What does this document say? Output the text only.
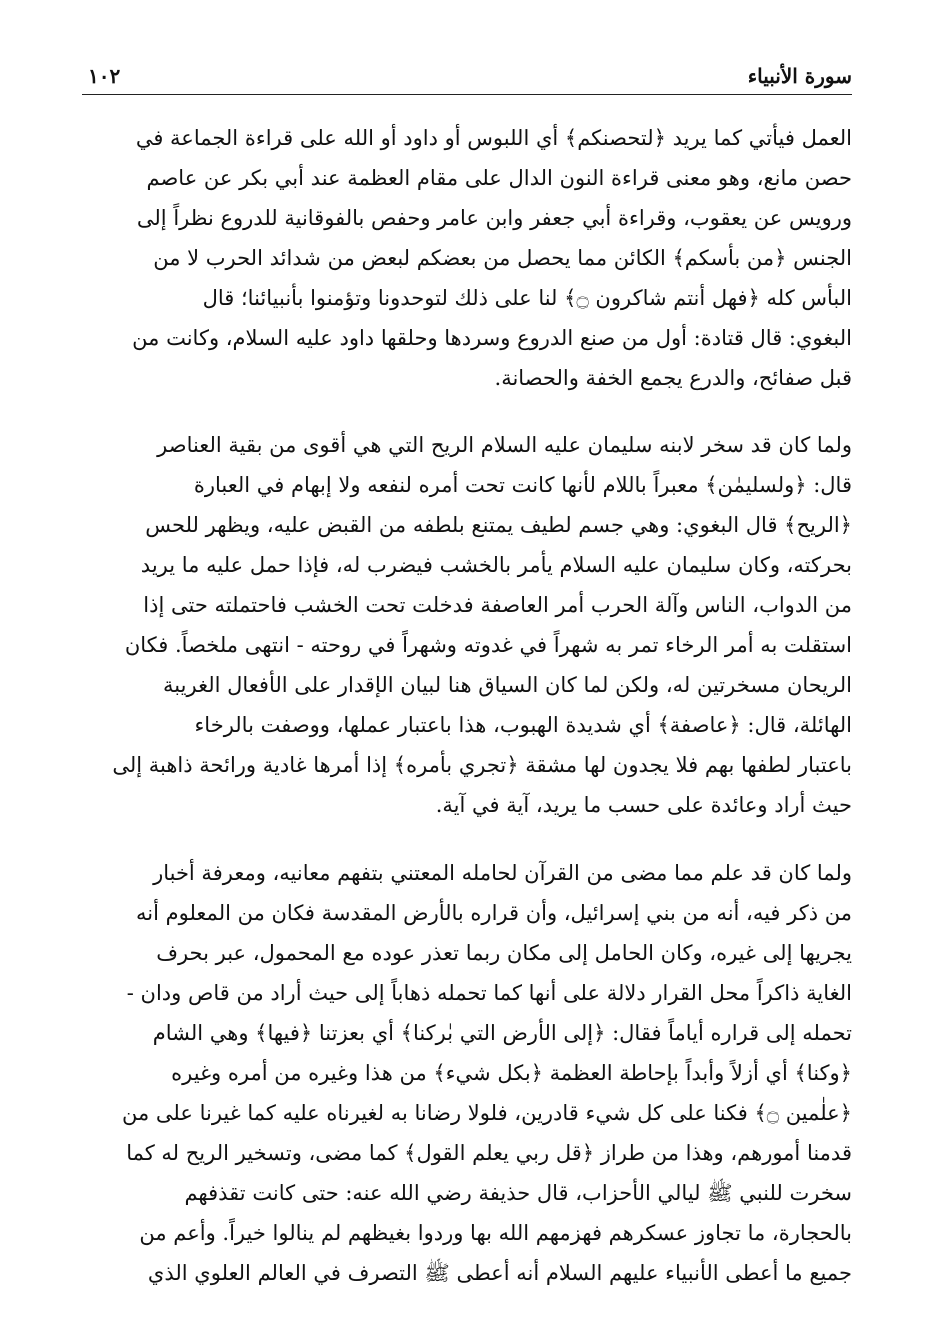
سورة الأنبياء
١٠٢
العمل فيأتي كما يريد ﴿لتحصنكم﴾ أي اللبوس أو داود أو الله على قراءة الجماعة في
حصن مانع، وهو معنى قراءة النون الدال على مقام العظمة عند أبي بكر عن عاصم
ورويس عن يعقوب، وقراءة أبي جعفر وابن عامر وحفص بالفوقانية للدروع نظراً إلى
الجنس ﴿من بأسكم﴾ الكائن مما يحصل من بعضكم لبعض من شدائد الحرب لا من
البأس كله ﴿فهل أنتم شاكرون ۝﴾ لنا على ذلك لتوحدونا وتؤمنوا بأنبيائنا؛ قال
البغوي: قال قتادة: أول من صنع الدروع وسردها وحلقها داود عليه السلام، وكانت من
قبل صفائح، والدرع يجمع الخفة والحصانة.
ولما كان قد سخر لابنه سليمان عليه السلام الريح التي هي أقوى من بقية العناصر
قال: ﴿ولسليمٰن﴾ معبراً باللام لأنها كانت تحت أمره لنفعه ولا إبهام في العبارة
﴿الريح﴾ قال البغوي: وهي جسم لطيف يمتنع بلطفه من القبض عليه، ويظهر للحس
بحركته، وكان سليمان عليه السلام يأمر بالخشب فيضرب له، فإذا حمل عليه ما يريد
من الدواب، الناس وآلة الحرب أمر العاصفة فدخلت تحت الخشب فاحتملته حتى إذا
استقلت به أمر الرخاء تمر به شهراً في غدوته وشهراً في روحته - انتهى ملخصاً. فكان
الريحان مسخرتين له، ولكن لما كان السياق هنا لبيان الإقدار على الأفعال الغريبة
الهائلة، قال: ﴿عاصفة﴾ أي شديدة الهبوب، هذا باعتبار عملها، ووصفت بالرخاء
باعتبار لطفها بهم فلا يجدون لها مشقة ﴿تجري بأمره﴾ إذا أمرها غادية ورائحة ذاهبة إلى
حيث أراد وعائدة على حسب ما يريد، آية في آية.
ولما كان قد علم مما مضى من القرآن لحامله المعتني بتفهم معانيه، ومعرفة أخبار
من ذكر فيه، أنه من بني إسرائيل، وأن قراره بالأرض المقدسة فكان من المعلوم أنه
يجريها إلى غيره، وكان الحامل إلى مكان ربما تعذر عوده مع المحمول، عبر بحرف
الغاية ذاكراً محل القرار دلالة على أنها كما تحمله ذهاباً إلى حيث أراد من قاص ودان -
تحمله إلى قراره أياماً فقال: ﴿إلى الأرض التي بٰركنا﴾ أي بعزتنا ﴿فيها﴾ وهي الشام
﴿وكنا﴾ أي أزلاً وأبداً بإحاطة العظمة ﴿بكل شيء﴾ من هذا وغيره من أمره وغيره
﴿علٰمين ۝﴾ فكنا على كل شيء قادرين، فلولا رضانا به لغيرناه عليه كما غيرنا على من
قدمنا أمورهم، وهذا من طراز ﴿قل ربي يعلم القول﴾ كما مضى، وتسخير الريح له كما
سخرت للنبي ﷺ ليالي الأحزاب، قال حذيفة رضي الله عنه: حتى كانت تقذفهم
بالحجارة، ما تجاوز عسكرهم فهزمهم الله بها وردوا بغيظهم لم ينالوا خيراً. وأعم من
جميع ما أعطى الأنبياء عليهم السلام أنه أعطى ﷺ التصرف في العالم العلوي الذي
